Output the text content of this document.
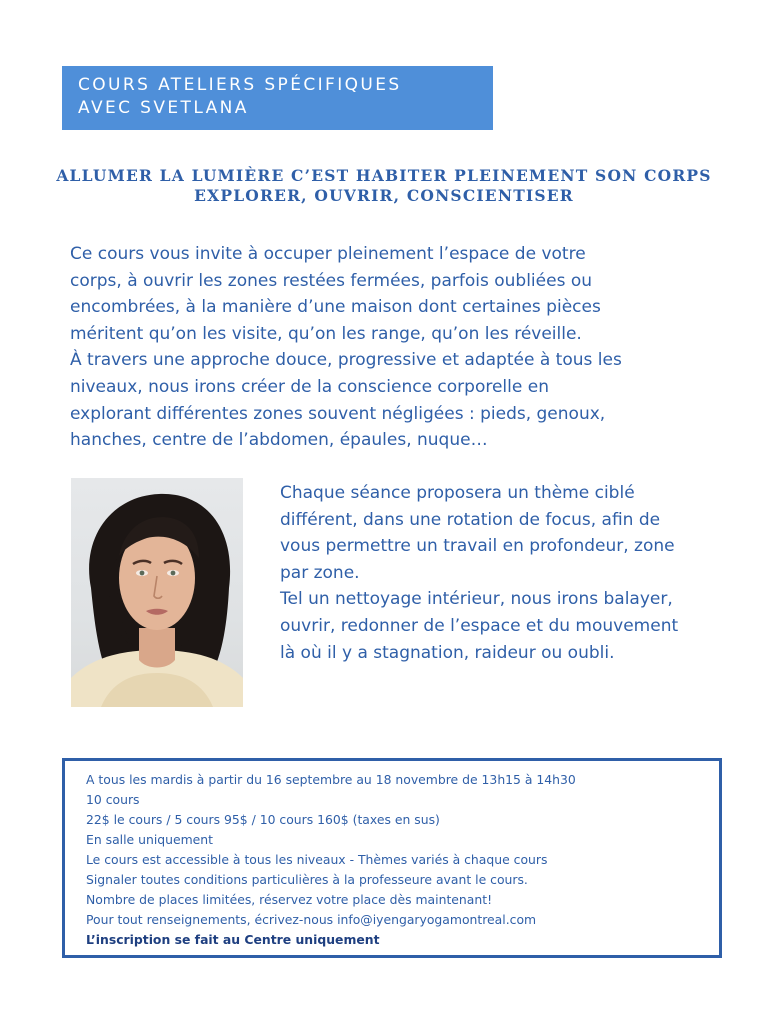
COURS ATELIERS SPÉCIFIQUES
AVEC SVETLANA
ALLUMER LA LUMIÈRE C’EST HABITER PLEINEMENT SON CORPS
EXPLORER, OUVRIR, CONSCIENTISER
Ce cours vous invite à occuper pleinement l’espace de votre
corps, à ouvrir les zones restées fermées, parfois oubliées ou
encombrées, à la manière d’une maison dont certaines pièces
méritent qu’on les visite, qu’on les range, qu’on les réveille.
À travers une approche douce, progressive et adaptée à tous les
niveaux, nous irons créer de la conscience corporelle en
explorant différentes zones souvent négligées : pieds, genoux,
hanches, centre de l’abdomen, épaules, nuque…
Chaque séance proposera un thème ciblé
différent, dans une rotation de focus, afin de
vous permettre un travail en profondeur, zone
par zone.
Tel un nettoyage intérieur, nous irons balayer,
ouvrir, redonner de l’espace et du mouvement
là où il y a stagnation, raideur ou oubli.
A tous les mardis à partir du 16 septembre au 18 novembre de 13h15 à 14h30
10 cours
22$ le cours / 5 cours 95$ / 10 cours 160$ (taxes en sus)
En salle uniquement
Le cours est accessible à tous les niveaux - Thèmes variés à chaque cours
Signaler toutes conditions particulières à la professeure avant le cours.
Nombre de places limitées, réservez votre place dès maintenant!
Pour tout renseignements, écrivez-nous info@iyengaryogamontreal.com
L’inscription se fait au Centre uniquement
